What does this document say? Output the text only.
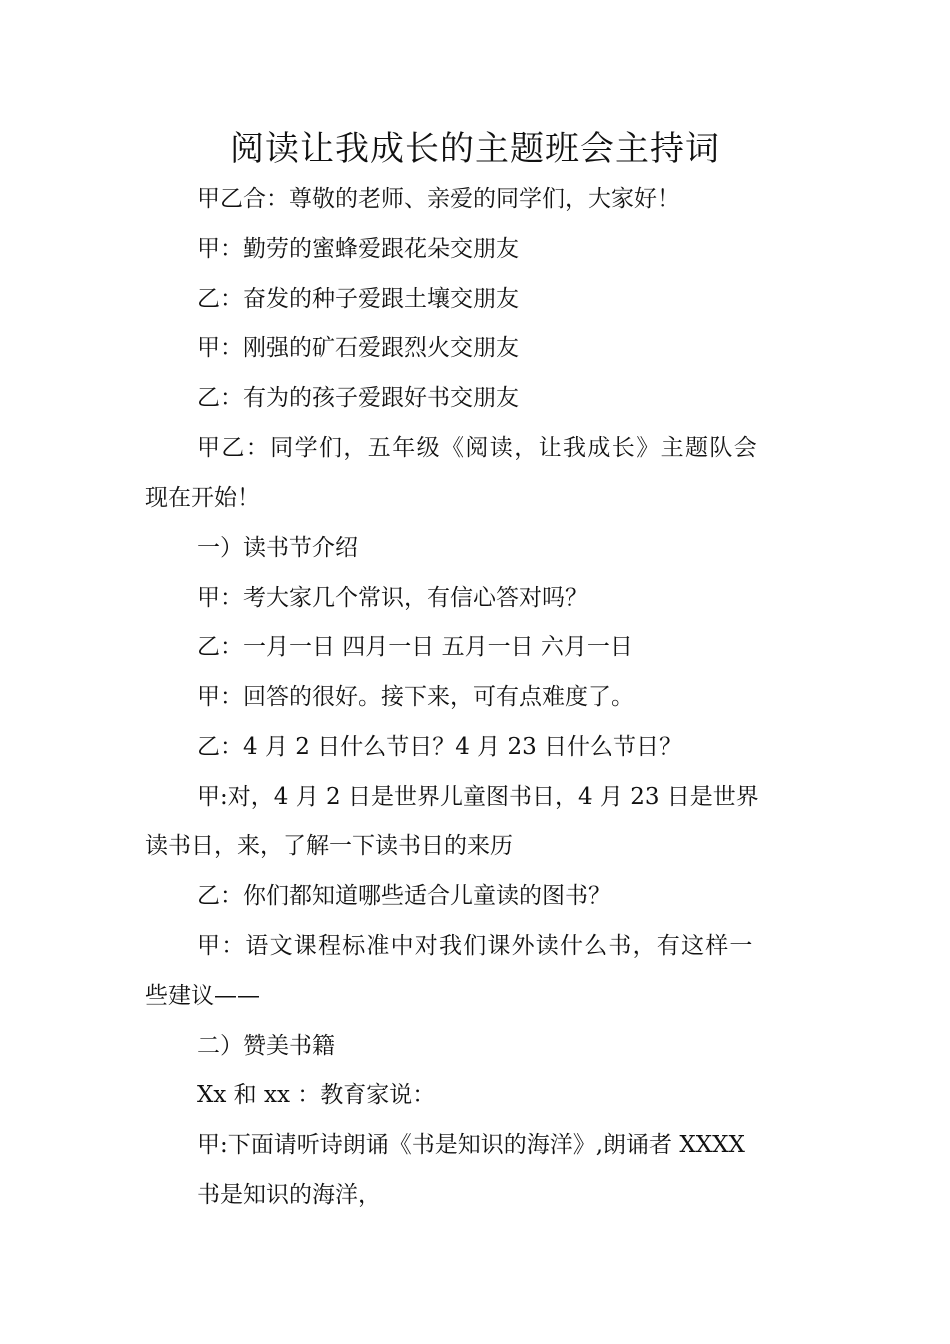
阅读让我成长的主题班会主持词

甲乙合：尊敬的老师、亲爱的同学们，大家好！

甲：勤劳的蜜蜂爱跟花朵交朋友

乙：奋发的种子爱跟土壤交朋友

甲：刚强的矿石爱跟烈火交朋友

乙：有为的孩子爱跟好书交朋友

甲乙：同学们，五年级《阅读，让我成长》主题队会

现在开始！

一）读书节介绍

甲：考大家几个常识，有信心答对吗？

乙：一月一日 四月一日 五月一日 六月一日

甲：回答的很好。接下来，可有点难度了。

乙：4 月 2 日什么节日？4 月 23 日什么节日？

甲:对，4 月 2 日是世界儿童图书日，4 月 23 日是世界

读书日，来，了解一下读书日的来历

乙：你们都知道哪些适合儿童读的图书？

甲：语文课程标准中对我们课外读什么书，有这样一

些建议——

二）赞美书籍

Xx 和 xx ：教育家说：

甲:下面请听诗朗诵《书是知识的海洋》,朗诵者 XXXX

书是知识的海洋，
